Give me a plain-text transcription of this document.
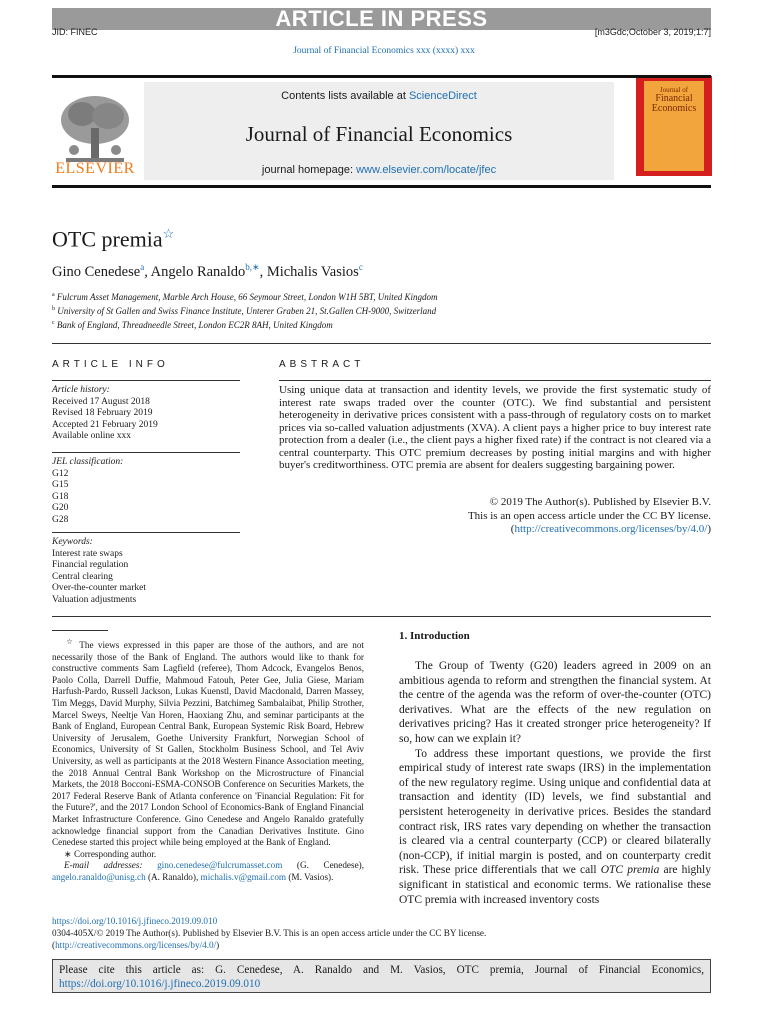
ARTICLE IN PRESS
JID: FINEC	[m3Gdc;October 3, 2019;1:7]
Journal of Financial Economics xxx (xxxx) xxx
ELSEVIER
Contents lists available at ScienceDirect
Journal of Financial Economics
journal homepage: www.elsevier.com/locate/jfec
Journal of
Financial Economics
OTC premia☆
Gino Cenedese$^a$, Angelo Ranaldo$^{b,∗}$, Michalis Vasios$^c$
$^a$ Fulcrum Asset Management, Marble Arch House, 66 Seymour Street, London W1H 5BT, United Kingdom
$^b$ University of St Gallen and Swiss Finance Institute, Unterer Graben 21, St.Gallen CH-9000, Switzerland
$^c$ Bank of England, Threadneedle Street, London EC2R 8AH, United Kingdom
ARTICLE INFO	ABSTRACT
Article history:
Received 17 August 2018
Revised 18 February 2019
Accepted 21 February 2019
Available online xxx
JEL classification:
G12
G15
G18
G20
G28
Keywords:
Interest rate swaps
Financial regulation
Central clearing
Over-the-counter market
Valuation adjustments
Using unique data at transaction and identity levels, we provide the first systematic study of interest rate swaps traded over the counter (OTC). We find substantial and persistent heterogeneity in derivative prices consistent with a pass-through of regulatory costs on to market prices via so-called valuation adjustments (XVA). A client pays a higher price to buy interest rate protection from a dealer (i.e., the client pays a higher fixed rate) if the contract is not cleared via a central counterparty. This OTC premium decreases by posting initial margins and with higher buyer's creditworthiness. OTC premia are absent for dealers suggesting bargaining power.
© 2019 The Author(s). Published by Elsevier B.V.
This is an open access article under the CC BY license.
(http://creativecommons.org/licenses/by/4.0/)
☆ The views expressed in this paper are those of the authors, and are not necessarily those of the Bank of England. The authors would like to thank for constructive comments Sam Lagfield (referee), Thom Adcock, Evangelos Benos, Paolo Colla, Darrell Duffie, Mahmoud Fatouh, Peter Gee, Julia Giese, Mariam Harfush-Pardo, Russell Jackson, Lukas Kuenstl, David Macdonald, Darren Massey, Tim Meggs, David Murphy, Silvia Pezzini, Batchimeg Sambalaibat, Philip Strother, Marcel Sweys, Neeltje Van Horen, Haoxiang Zhu, and seminar participants at the Bank of England, European Central Bank, European Systemic Risk Board, Hebrew University of Jerusalem, Goethe University Frankfurt, Norwegian School of Economics, University of St Gallen, Stockholm Business School, and Tel Aviv University, as well as participants at the 2018 Western Finance Association meeting, the 2018 Annual Central Bank Workshop on the Microstructure of Financial Markets, the 2018 Bocconi-ESMA-CONSOB Conference on Securities Markets, the 2017 Federal Reserve Bank of Atlanta conference on 'Financial Regulation: Fit for the Future?', and the 2017 London School of Economics-Bank of England Financial Market Infrastructure Conference. Gino Cenedese and Angelo Ranaldo gratefully acknowledge financial support from the Canadian Derivatives Institute. Gino Cenedese started this project while being employed at the Bank of England.
∗ Corresponding author.
E-mail addresses: gino.cenedese@fulcrumasset.com (G. Cenedese), angelo.ranaldo@unisg.ch (A. Ranaldo), michalis.v@gmail.com (M. Vasios).
https://doi.org/10.1016/j.jfineco.2019.09.010
0304-405X/© 2019 The Author(s). Published by Elsevier B.V. This is an open access article under the CC BY license.
(http://creativecommons.org/licenses/by/4.0/)
1. Introduction

The Group of Twenty (G20) leaders agreed in 2009 on an ambitious agenda to reform and strengthen the financial system. At the centre of the agenda was the reform of over-the-counter (OTC) derivatives. What are the effects of the new regulation on derivatives pricing? Has it created stronger price heterogeneity? If so, how can we explain it?

To address these important questions, we provide the first empirical study of interest rate swaps (IRS) in the implementation of the new regulatory regime. Using unique and confidential data at transaction and identity (ID) levels, we find substantial and persistent heterogeneity in derivative prices. Besides the standard contract risk, IRS rates vary depending on whether the transaction is cleared via a central counterparty (CCP) or cleared bilaterally (non-CCP), if initial margin is posted, and on counterparty credit risk. These price differentials that we call OTC premia are highly significant in statistical and economic terms. We rationalise these OTC premia with increased inventory costs

Please cite this article as: G. Cenedese, A. Ranaldo and M. Vasios, OTC premia, Journal of Financial Economics, https://doi.org/10.1016/j.jfineco.2019.09.010
